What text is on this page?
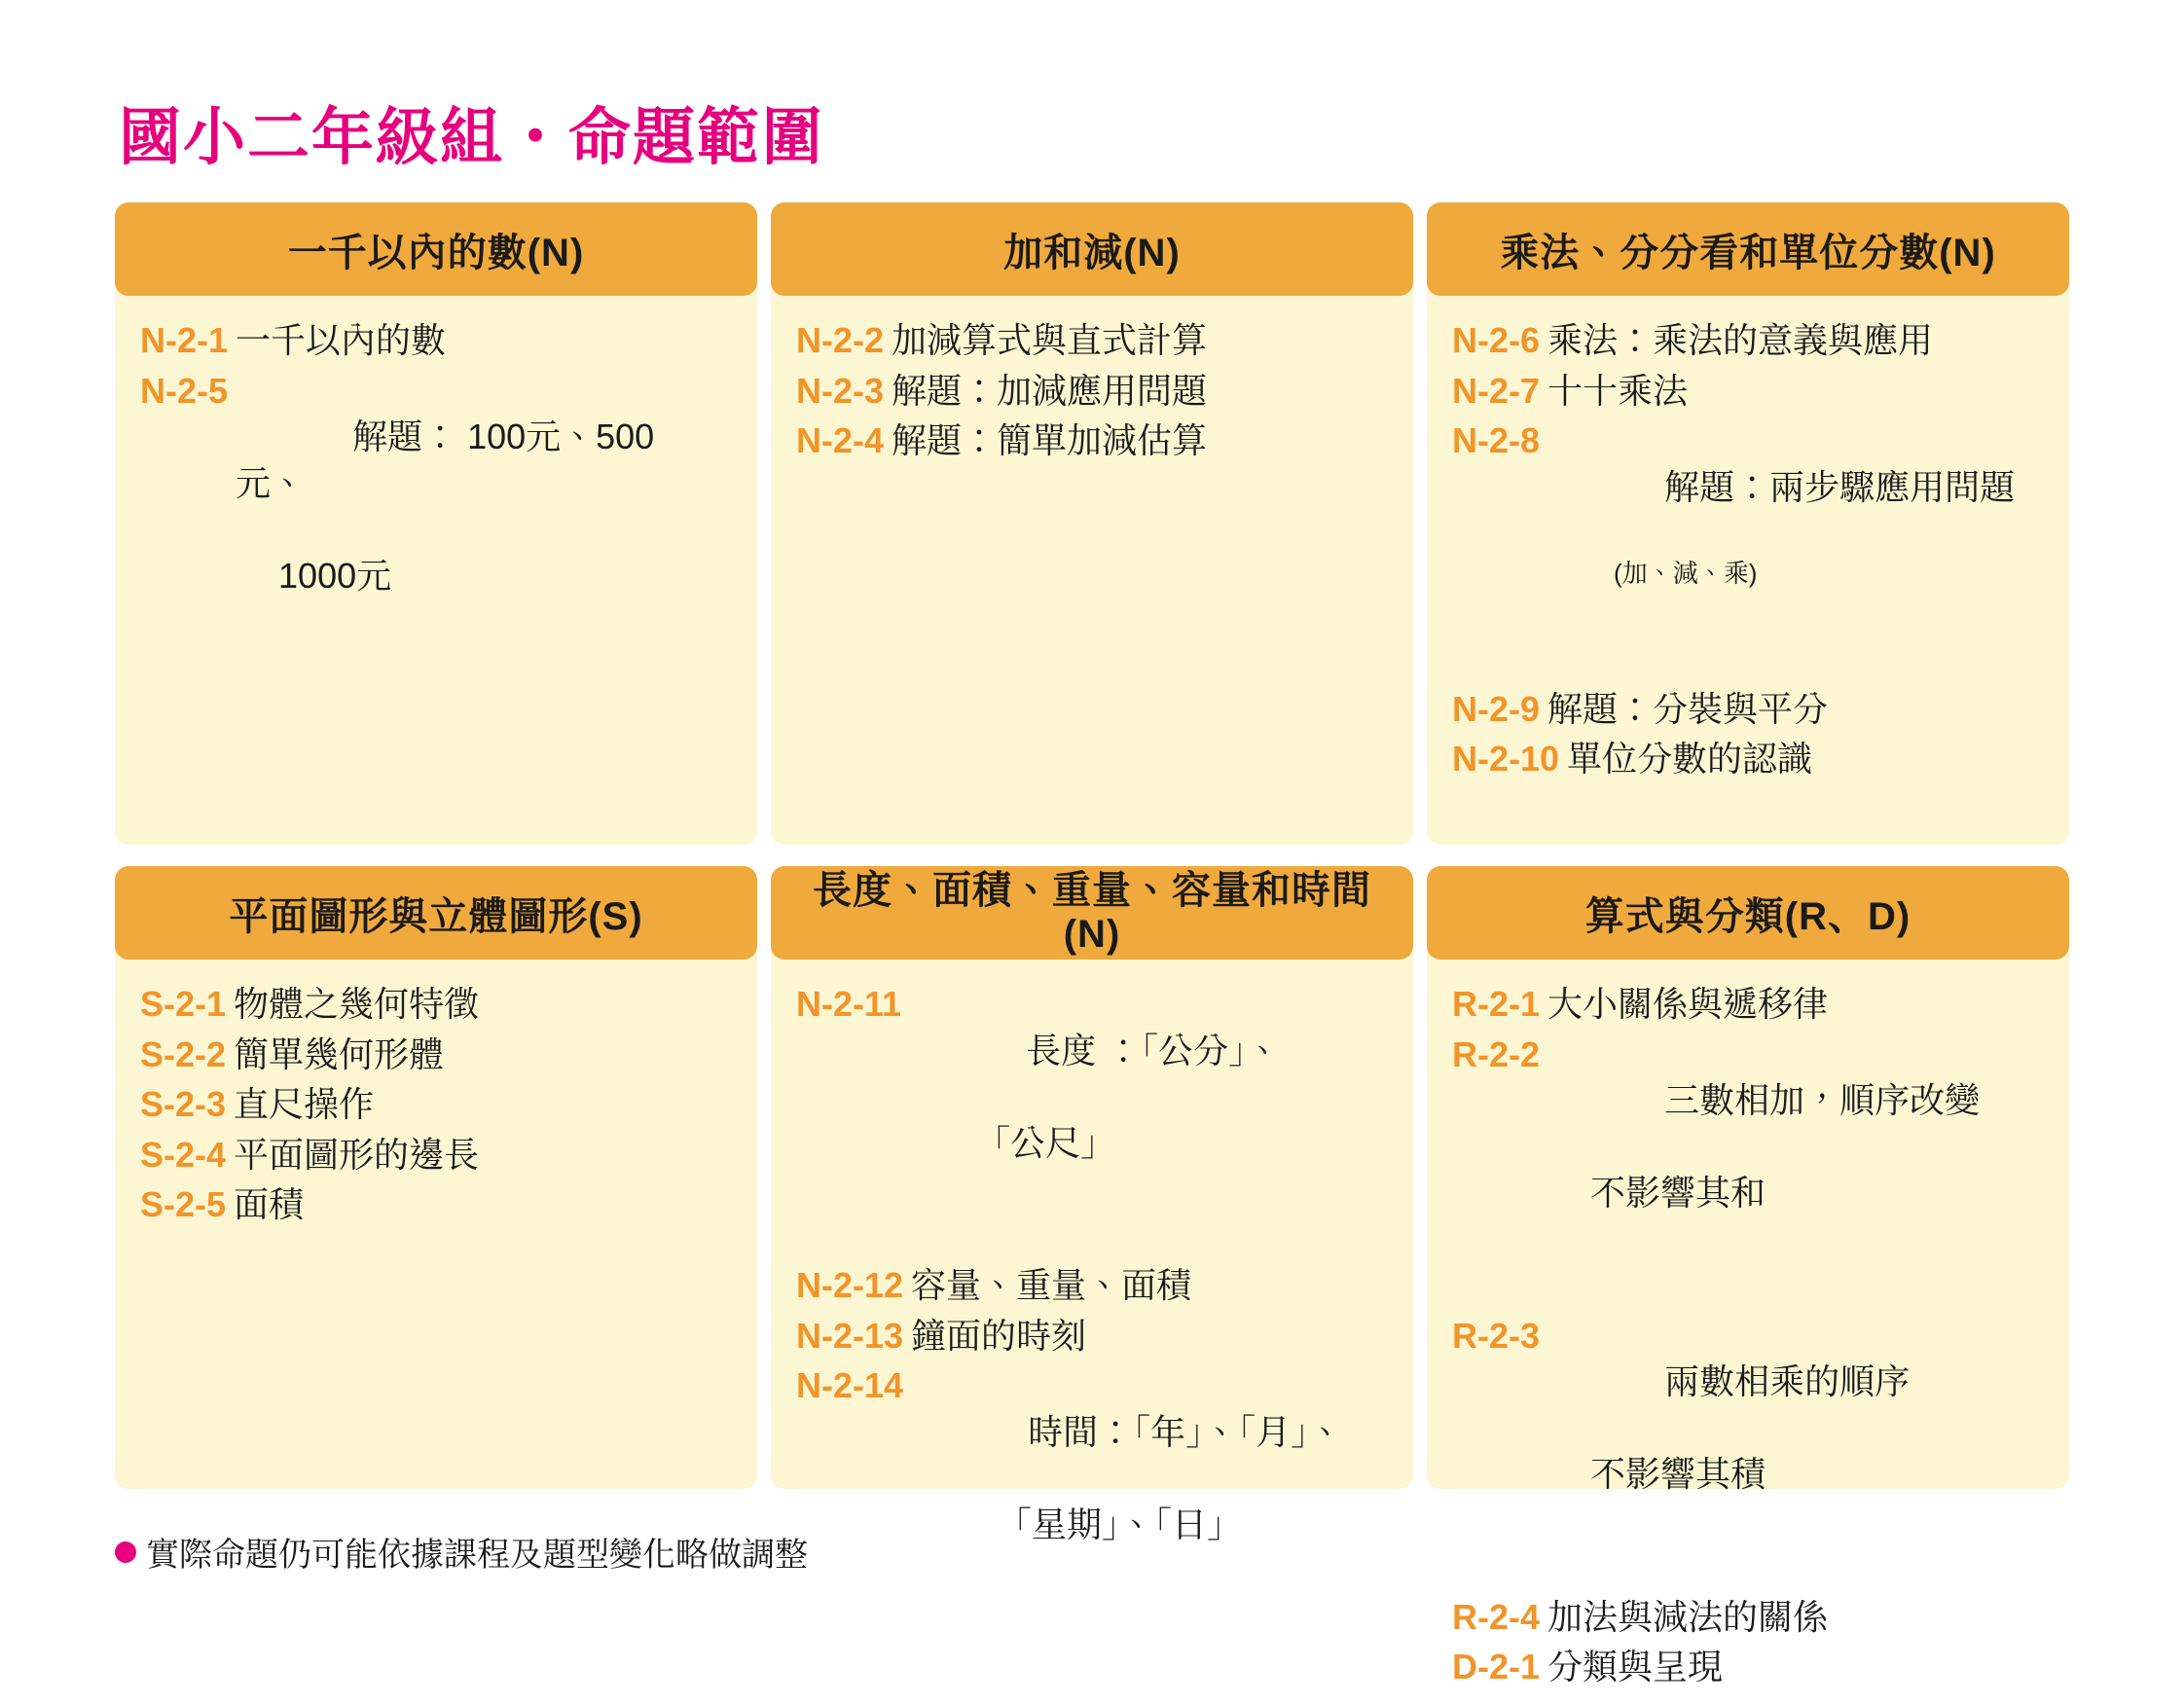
國小二年級組・命題範圍
一千以內的數(N)
N-2-1 一千以內的數
N-2-5

解題： 100元、500 元、

1000元

加和減(N)
N-2-2 加減算式與直式計算
N-2-3 解題：加減應用問題
N-2-4 解題：簡單加減估算
乘法、分分看和單位分數(N)
N-2-6 乘法：乘法的意義與應用
N-2-7 十十乘法
N-2-8

解題：兩步驟應用問題

(加、減、乘)

N-2-9 解題：分裝與平分
N-2-10 單位分數的認識
平面圖形與立體圖形(S)
S-2-1 物體之幾何特徵
S-2-2 簡單幾何形體
S-2-3 直尺操作
S-2-4 平面圖形的邊長
S-2-5 面積
長度、面積、重量、容量和時間(N)
N-2-11

長度 ：「公分」、

「公尺」

N-2-12 容量、重量、面積
N-2-13 鐘面的時刻
N-2-14

時間：「年」、「月」、

「星期」、「日」

算式與分類(R、D)
R-2-1 大小關係與遞移律
R-2-2

三數相加，順序改變

不影響其和

R-2-3

兩數相乘的順序

不影響其積

R-2-4 加法與減法的關係
D-2-1 分類與呈現
實際命題仍可能依據課程及題型變化略做調整
